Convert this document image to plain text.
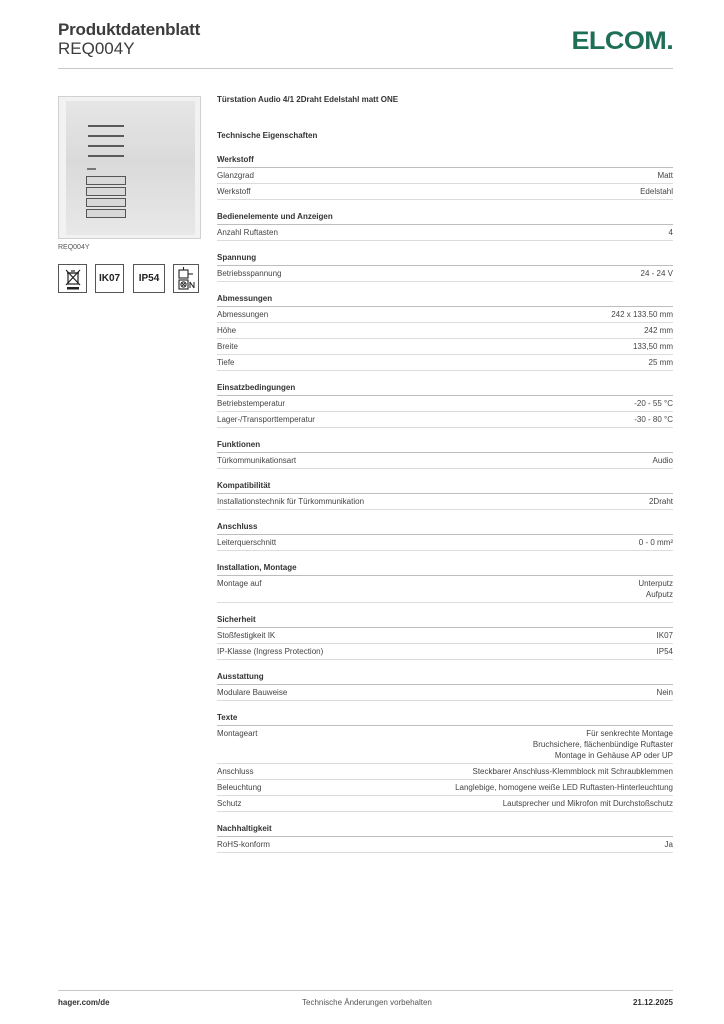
Produktdatenblatt
REQ004Y	ELCOM.
REQ004Y
IK07	IP54
Türstation Audio 4/1 2Draht Edelstahl matt ONE
Technische Eigenschaften
Werkstoff
Glanzgrad	Matt
Werkstoff	Edelstahl
Bedienelemente und Anzeigen
Anzahl Ruftasten	4
Spannung
Betriebsspannung	24 - 24 V
Abmessungen
Abmessungen	242 x 133.50 mm
Höhe	242 mm
Breite	133,50 mm
Tiefe	25 mm
Einsatzbedingungen
Betriebstemperatur	-20 - 55 °C
Lager-/Transporttemperatur	-30 - 80 °C
Funktionen
Türkommunikationsart	Audio
Kompatibilität
Installationstechnik für Türkommunikation	2Draht
Anschluss
Leiterquerschnitt	0 - 0 mm²
Installation, Montage
Montage auf	Unterputz
Aufputz
Sicherheit
Stoßfestigkeit IK	IK07
IP-Klasse (Ingress Protection)	IP54
Ausstattung
Modulare Bauweise	Nein
Texte
Montageart	Für senkrechte Montage
Bruchsichere, flächenbündige Ruftaster
Montage in Gehäuse AP oder UP
Anschluss	Steckbarer Anschluss-Klemmblock mit Schraubklemmen
Beleuchtung	Langlebige, homogene weiße LED Ruftasten-Hinterleuchtung
Schutz	Lautsprecher und Mikrofon mit Durchstoßschutz
Nachhaltigkeit
RoHS-konform	Ja
hager.com/de	Technische Änderungen vorbehalten	21.12.2025
